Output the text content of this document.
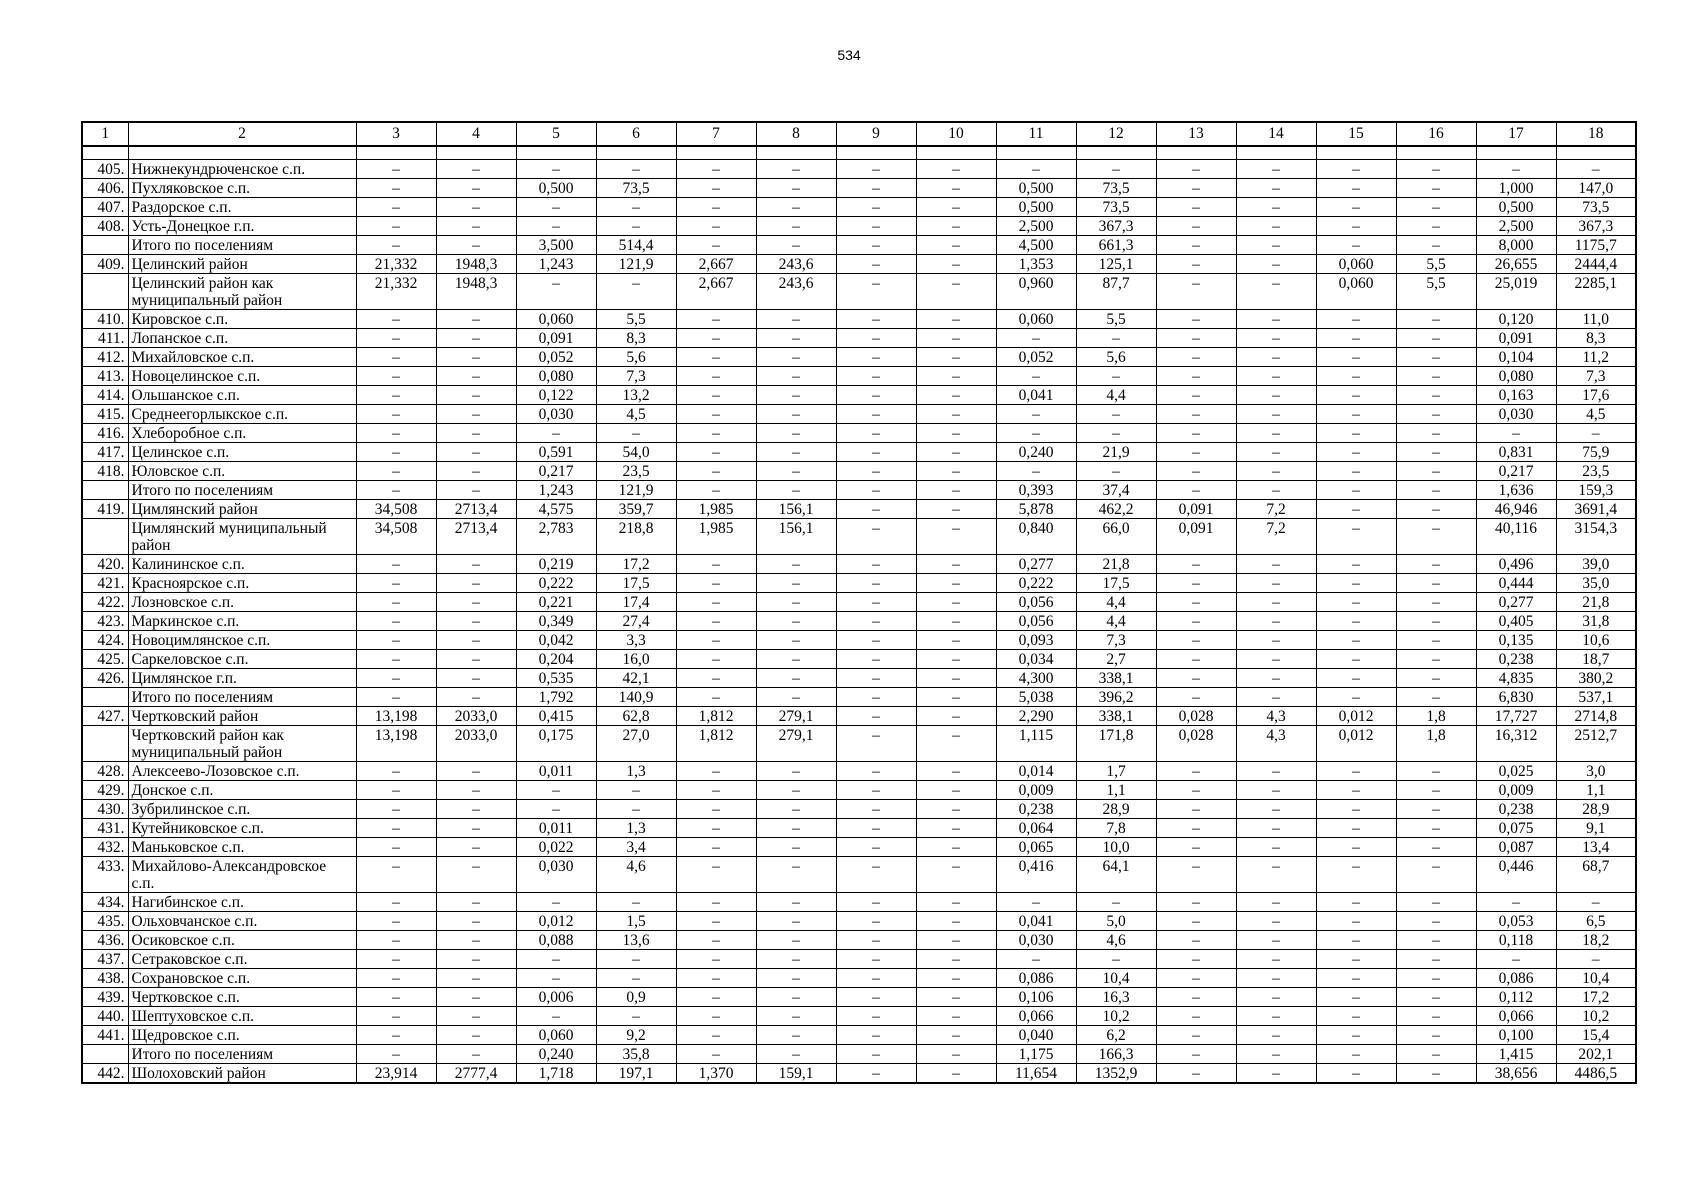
534
1	2	3	4	5	6	7	8	9	10	11	12	13	14	15	16	17	18

405.	Нижнекундрюченское с.п.	–	–	–	–	–	–	–	–	–	–	–	–	–	–	–	–
406.	Пухляковское с.п.	–	–	0,500	73,5	–	–	–	–	0,500	73,5	–	–	–	–	1,000	147,0
407.	Раздорское с.п.	–	–	–	–	–	–	–	–	0,500	73,5	–	–	–	–	0,500	73,5
408.	Усть-Донецкое г.п.	–	–	–	–	–	–	–	–	2,500	367,3	–	–	–	–	2,500	367,3
	Итого по поселениям	–	–	3,500	514,4	–	–	–	–	4,500	661,3	–	–	–	–	8,000	1175,7
409.	Целинский район	21,332	1948,3	1,243	121,9	2,667	243,6	–	–	1,353	125,1	–	–	0,060	5,5	26,655	2444,4
	Целинский район как муниципальный район	21,332	1948,3	–	–	2,667	243,6	–	–	0,960	87,7	–	–	0,060	5,5	25,019	2285,1
410.	Кировское с.п.	–	–	0,060	5,5	–	–	–	–	0,060	5,5	–	–	–	–	0,120	11,0
411.	Лопанское с.п.	–	–	0,091	8,3	–	–	–	–	–	–	–	–	–	–	0,091	8,3
412.	Михайловское с.п.	–	–	0,052	5,6	–	–	–	–	0,052	5,6	–	–	–	–	0,104	11,2
413.	Новоцелинское с.п.	–	–	0,080	7,3	–	–	–	–	–	–	–	–	–	–	0,080	7,3
414.	Ольшанское с.п.	–	–	0,122	13,2	–	–	–	–	0,041	4,4	–	–	–	–	0,163	17,6
415.	Среднеегорлыкское с.п.	–	–	0,030	4,5	–	–	–	–	–	–	–	–	–	–	0,030	4,5
416.	Хлеборобное с.п.	–	–	–	–	–	–	–	–	–	–	–	–	–	–	–	–
417.	Целинское с.п.	–	–	0,591	54,0	–	–	–	–	0,240	21,9	–	–	–	–	0,831	75,9
418.	Юловское с.п.	–	–	0,217	23,5	–	–	–	–	–	–	–	–	–	–	0,217	23,5
	Итого по поселениям	–	–	1,243	121,9	–	–	–	–	0,393	37,4	–	–	–	–	1,636	159,3
419.	Цимлянский район	34,508	2713,4	4,575	359,7	1,985	156,1	–	–	5,878	462,2	0,091	7,2	–	–	46,946	3691,4
	Цимлянский муниципальный район	34,508	2713,4	2,783	218,8	1,985	156,1	–	–	0,840	66,0	0,091	7,2	–	–	40,116	3154,3
420.	Калининское с.п.	–	–	0,219	17,2	–	–	–	–	0,277	21,8	–	–	–	–	0,496	39,0
421.	Красноярское с.п.	–	–	0,222	17,5	–	–	–	–	0,222	17,5	–	–	–	–	0,444	35,0
422.	Лозновское с.п.	–	–	0,221	17,4	–	–	–	–	0,056	4,4	–	–	–	–	0,277	21,8
423.	Маркинское с.п.	–	–	0,349	27,4	–	–	–	–	0,056	4,4	–	–	–	–	0,405	31,8
424.	Новоцимлянское с.п.	–	–	0,042	3,3	–	–	–	–	0,093	7,3	–	–	–	–	0,135	10,6
425.	Саркеловское с.п.	–	–	0,204	16,0	–	–	–	–	0,034	2,7	–	–	–	–	0,238	18,7
426.	Цимлянское г.п.	–	–	0,535	42,1	–	–	–	–	4,300	338,1	–	–	–	–	4,835	380,2
	Итого по поселениям	–	–	1,792	140,9	–	–	–	–	5,038	396,2	–	–	–	–	6,830	537,1
427.	Чертковский район	13,198	2033,0	0,415	62,8	1,812	279,1	–	–	2,290	338,1	0,028	4,3	0,012	1,8	17,727	2714,8
	Чертковский район как муниципальный район	13,198	2033,0	0,175	27,0	1,812	279,1	–	–	1,115	171,8	0,028	4,3	0,012	1,8	16,312	2512,7
428.	Алексеево-Лозовское с.п.	–	–	0,011	1,3	–	–	–	–	0,014	1,7	–	–	–	–	0,025	3,0
429.	Донское с.п.	–	–	–	–	–	–	–	–	0,009	1,1	–	–	–	–	0,009	1,1
430.	Зубрилинское с.п.	–	–	–	–	–	–	–	–	0,238	28,9	–	–	–	–	0,238	28,9
431.	Кутейниковское с.п.	–	–	0,011	1,3	–	–	–	–	0,064	7,8	–	–	–	–	0,075	9,1
432.	Маньковское с.п.	–	–	0,022	3,4	–	–	–	–	0,065	10,0	–	–	–	–	0,087	13,4
433.	Михайлово-Александровское с.п.	–	–	0,030	4,6	–	–	–	–	0,416	64,1	–	–	–	–	0,446	68,7
434.	Нагибинское с.п.	–	–	–	–	–	–	–	–	–	–	–	–	–	–	–	–
435.	Ольховчанское с.п.	–	–	0,012	1,5	–	–	–	–	0,041	5,0	–	–	–	–	0,053	6,5
436.	Осиковское с.п.	–	–	0,088	13,6	–	–	–	–	0,030	4,6	–	–	–	–	0,118	18,2
437.	Сетраковское с.п.	–	–	–	–	–	–	–	–	–	–	–	–	–	–	–	–
438.	Сохрановское с.п.	–	–	–	–	–	–	–	–	0,086	10,4	–	–	–	–	0,086	10,4
439.	Чертковское с.п.	–	–	0,006	0,9	–	–	–	–	0,106	16,3	–	–	–	–	0,112	17,2
440.	Шептуховское с.п.	–	–	–	–	–	–	–	–	0,066	10,2	–	–	–	–	0,066	10,2
441.	Щедровское с.п.	–	–	0,060	9,2	–	–	–	–	0,040	6,2	–	–	–	–	0,100	15,4
	Итого по поселениям	–	–	0,240	35,8	–	–	–	–	1,175	166,3	–	–	–	–	1,415	202,1
442.	Шолоховский район	23,914	2777,4	1,718	197,1	1,370	159,1	–	–	11,654	1352,9	–	–	–	–	38,656	4486,5
